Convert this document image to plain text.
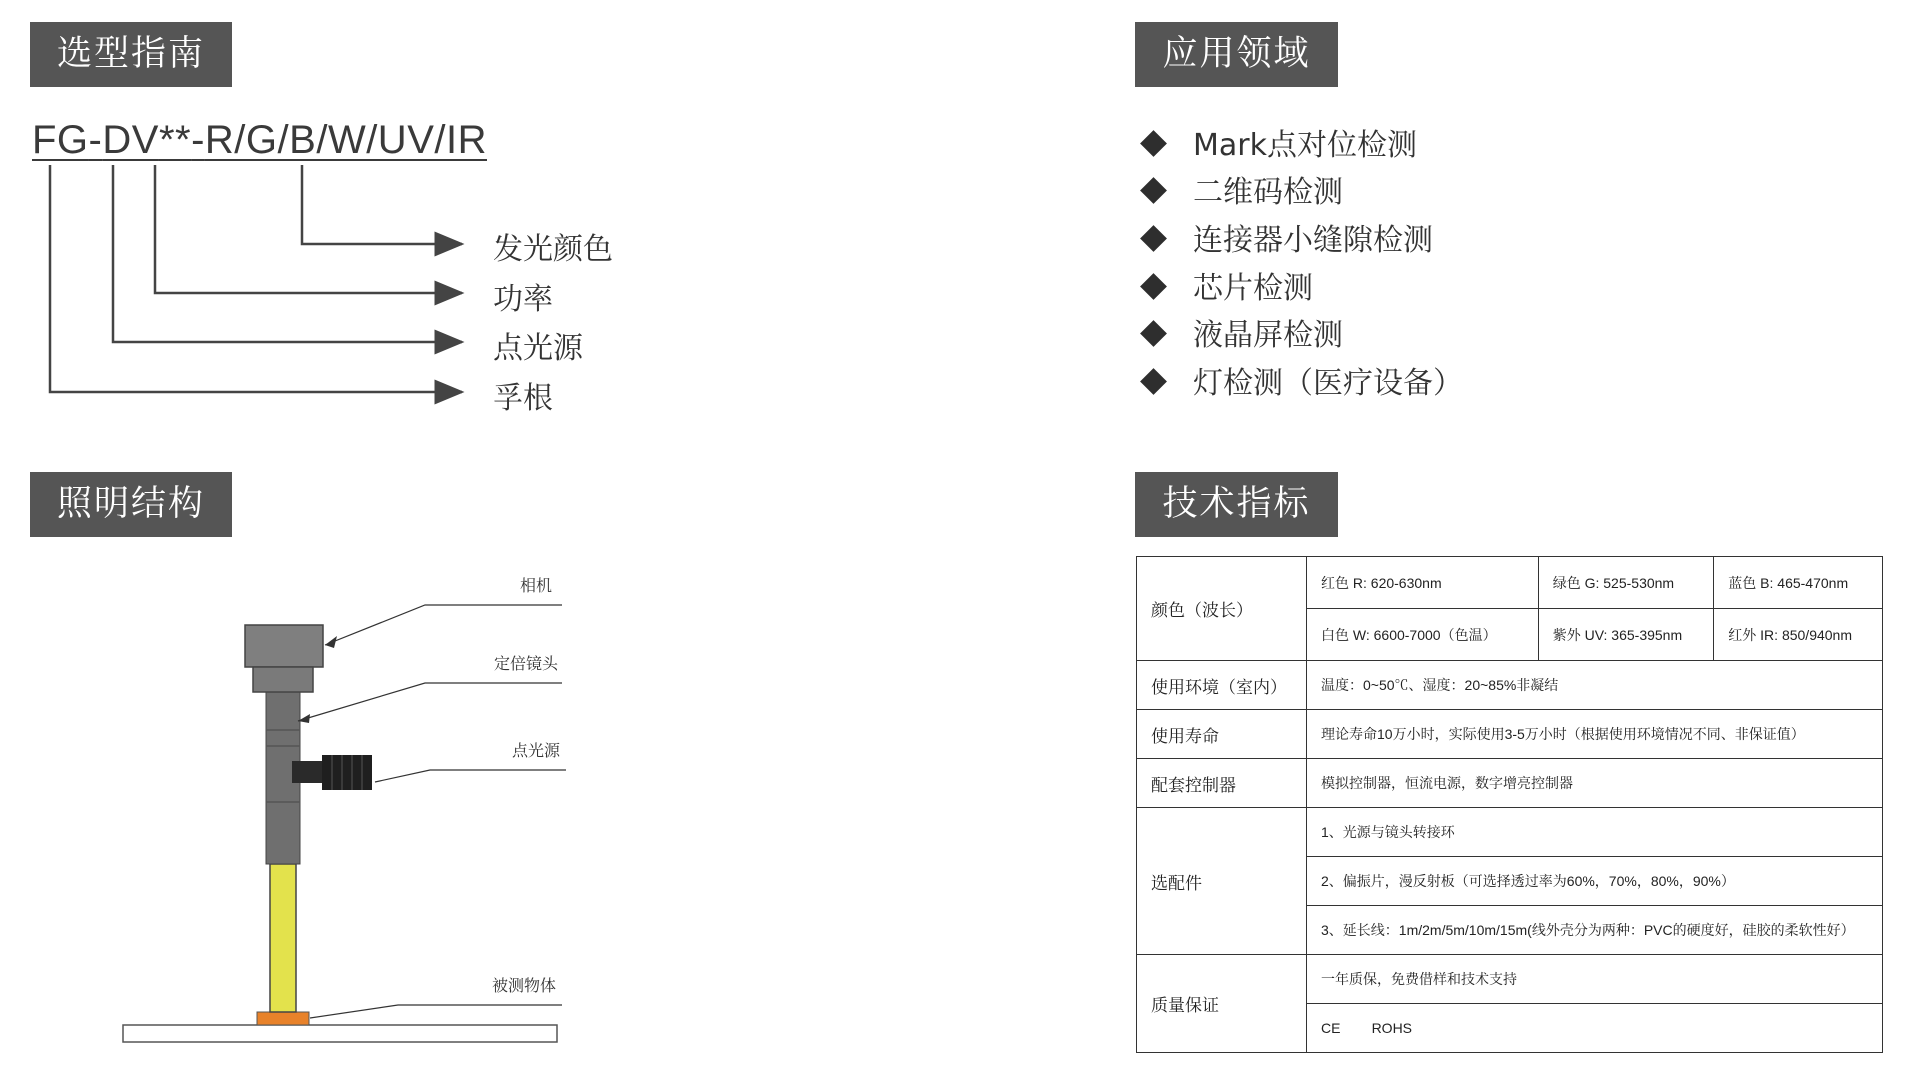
选型指南	应用领域
照明结构	技术指标
FG-DV**-R/G/B/W/UV/IR
发光颜色
功率
点光源
孚根
Mark点对位检测
二维码检测
连接器小缝隙检测
芯片检测
液晶屏检测
灯检测（医疗设备）
相机
定倍镜头
点光源
被测物体
颜色（波长）	红色 R: 620-630nm	绿色 G: 525-530nm	蓝色 B: 465-470nm
	白色 W: 6600-7000（色温）	紫外 UV: 365-395nm	红外 IR: 850/940nm
使用环境（室内）	温度：0~50℃、湿度：20~85%非凝结		
使用寿命	理论寿命10万小时，实际使用3-5万小时（根据使用环境情况不同、非保证值）		
配套控制器	模拟控制器，恒流电源，数字增亮控制器		
选配件	1、光源与镜头转接环		
	2、偏振片，漫反射板（可选择透过率为60%，70%，80%，90%）		
	3、延长线：1m/2m/5m/10m/15m(线外壳分为两种：PVC的硬度好，硅胶的柔软性好）		
质量保证	一年质保，免费借样和技术支持		
	CE        ROHS		
